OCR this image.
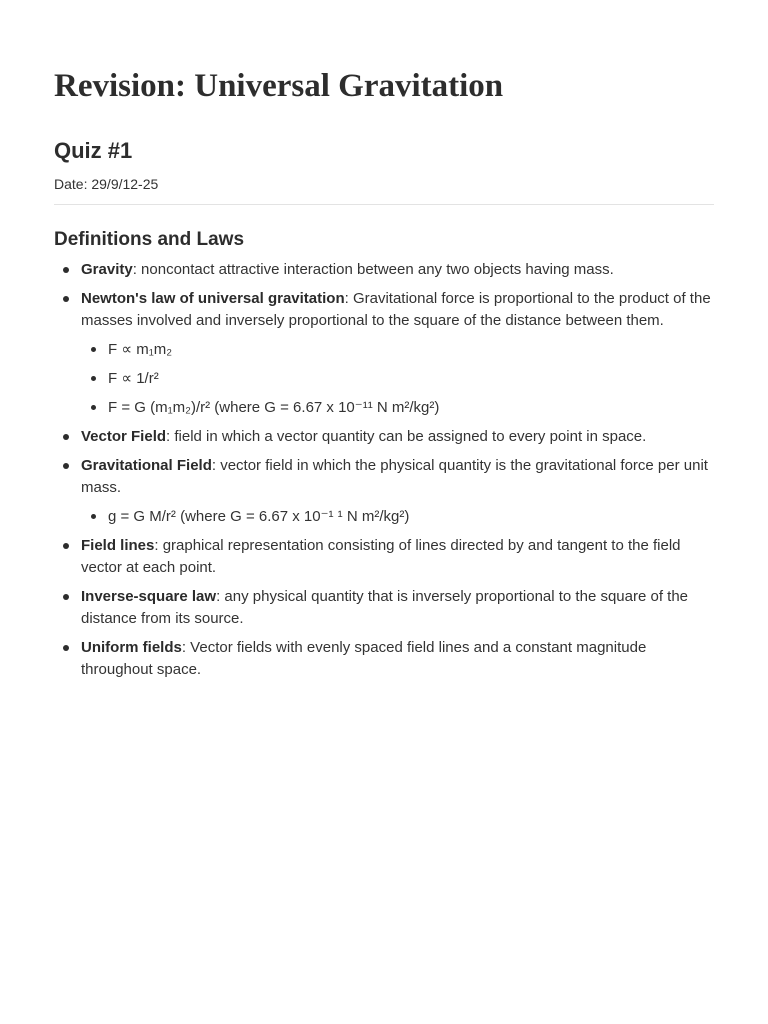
Revision: Universal Gravitation
Quiz #1
Date: 29/9/12-25
Definitions and Laws
Gravity: noncontact attractive interaction between any two objects having mass.
Newton's law of universal gravitation: Gravitational force is proportional to the product of the masses involved and inversely proportional to the square of the distance between them.
F ∝ m₁m₂
F ∝ 1/r²
F = G (m₁m₂)/r² (where G = 6.67 x 10⁻¹¹ N m²/kg²)
Vector Field: field in which a vector quantity can be assigned to every point in space.
Gravitational Field: vector field in which the physical quantity is the gravitational force per unit mass.
g = G M/r² (where G = 6.67 x 10⁻¹ ¹ N m²/kg²)
Field lines: graphical representation consisting of lines directed by and tangent to the field vector at each point.
Inverse-square law: any physical quantity that is inversely proportional to the square of the distance from its source.
Uniform fields: Vector fields with evenly spaced field lines and a constant magnitude throughout space.
